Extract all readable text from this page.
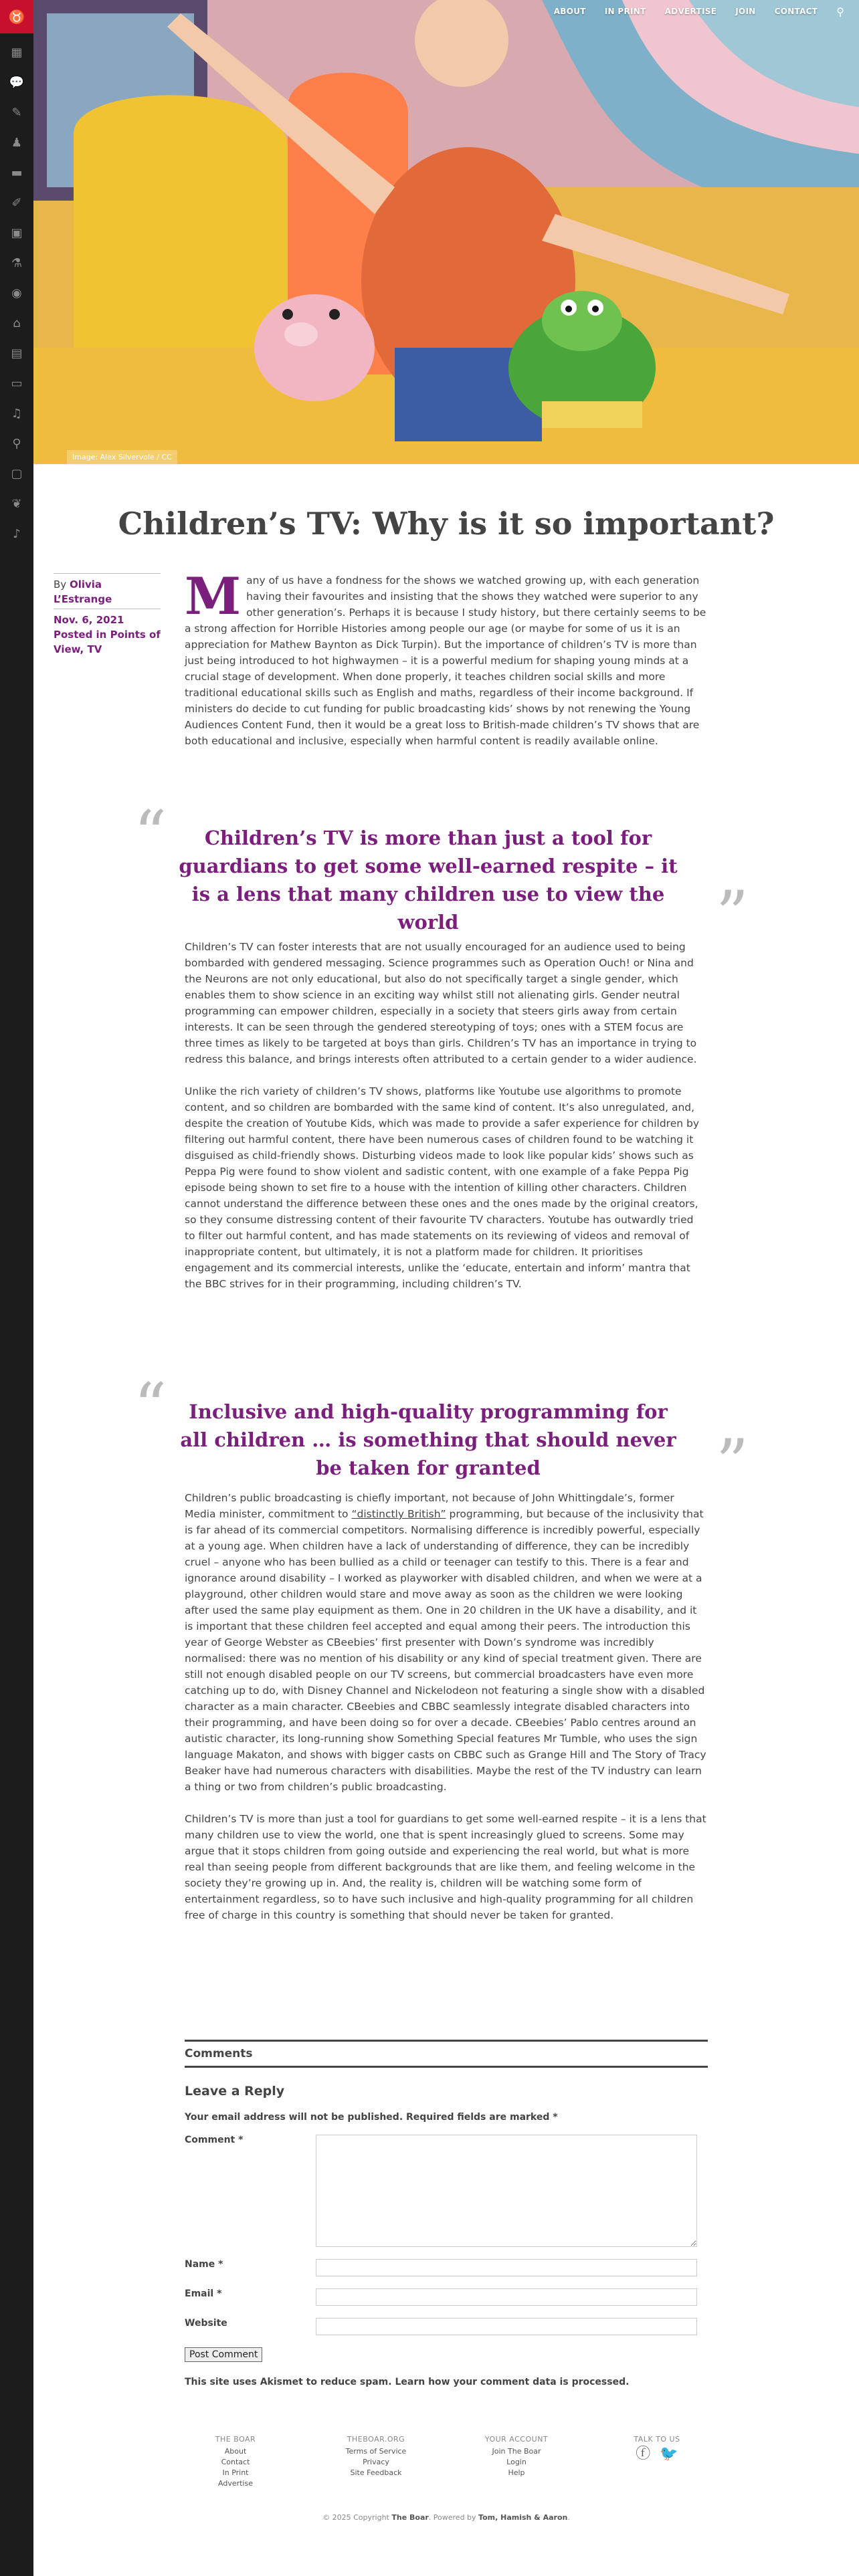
♉
▦
💬
✎
♟
▬
✐
▣
⚗
◉
⌂
▤
▭
♫
⚲
▢
❦
♪
ABOUT	IN PRINT	ADVERTISE	JOIN	CONTACT	⚲
Image: Alex Silvervole / CC
Children’s TV: Why is it so important?
By Olivia L’Estrange
Nov. 6, 2021
Posted in Points of View, TV
M any of us have a fondness for the shows we watched growing up, with each generation having their favourites and insisting that the shows they watched were superior to any other generation’s. Perhaps it is because I study history, but there certainly seems to be a strong affection for Horrible Histories among people our age (or maybe for some of us it is an appreciation for Mathew Baynton as Dick Turpin). But the importance of children’s TV is more than just being introduced to hot highwaymen – it is a powerful medium for shaping young minds at a crucial stage of development. When done properly, it teaches children social skills and more traditional educational skills such as English and maths, regardless of their income background. If ministers do decide to cut funding for public broadcasting kids’ shows by not renewing the Young Audiences Content Fund, then it would be a great loss to British-made children’s TV shows that are both educational and inclusive, especially when harmful content is readily available online.
“	Children’s TV is more than just a tool for guardians to get some well-earned respite – it is a lens that many children use to view the world	”

Children’s TV can foster interests that are not usually encouraged for an audience used to being bombarded with gendered messaging. Science programmes such as Operation Ouch! or Nina and the Neurons are not only educational, but also do not specifically target a single gender, which enables them to show science in an exciting way whilst still not alienating girls. Gender neutral programming can empower children, especially in a society that steers girls away from certain interests. It can be seen through the gendered stereotyping of toys; ones with a STEM focus are three times as likely to be targeted at boys than girls. Children’s TV has an importance in trying to redress this balance, and brings interests often attributed to a certain gender to a wider audience.

Unlike the rich variety of children’s TV shows, platforms like Youtube use algorithms to promote content, and so children are bombarded with the same kind of content. It’s also unregulated, and, despite the creation of Youtube Kids, which was made to provide a safer experience for children by filtering out harmful content, there have been numerous cases of children found to be watching it disguised as child-friendly shows. Disturbing videos made to look like popular kids’ shows such as Peppa Pig were found to show violent and sadistic content, with one example of a fake Peppa Pig episode being shown to set fire to a house with the intention of killing other characters. Children cannot understand the difference between these ones and the ones made by the original creators, so they consume distressing content of their favourite TV characters. Youtube has outwardly tried to filter out harmful content, and has made statements on its reviewing of videos and removal of inappropriate content, but ultimately, it is not a platform made for children. It prioritises engagement and its commercial interests, unlike the ‘educate, entertain and inform’ mantra that the BBC strives for in their programming, including children’s TV.

“	Inclusive and high-quality programming for all children … is something that should never be taken for granted	”

Children’s public broadcasting is chiefly important, not because of John Whittingdale’s, former Media minister, commitment to “distinctly British” programming, but because of the inclusivity that is far ahead of its commercial competitors. Normalising difference is incredibly powerful, especially at a young age. When children have a lack of understanding of difference, they can be incredibly cruel – anyone who has been bullied as a child or teenager can testify to this. There is a fear and ignorance around disability – I worked as playworker with disabled children, and when we were at a playground, other children would stare and move away as soon as the children we were looking after used the same play equipment as them. One in 20 children in the UK have a disability, and it is important that these children feel accepted and equal among their peers. The introduction this year of George Webster as CBeebies’ first presenter with Down’s syndrome was incredibly normalised: there was no mention of his disability or any kind of special treatment given. There are still not enough disabled people on our TV screens, but commercial broadcasters have even more catching up to do, with Disney Channel and Nickelodeon not featuring a single show with a disabled character as a main character. CBeebies and CBBC seamlessly integrate disabled characters into their programming, and have been doing so for over a decade. CBeebies’ Pablo centres around an autistic character, its long-running show Something Special features Mr Tumble, who uses the sign language Makaton, and shows with bigger casts on CBBC such as Grange Hill and The Story of Tracy Beaker have had numerous characters with disabilities. Maybe the rest of the TV industry can learn a thing or two from children’s public broadcasting.

Children’s TV is more than just a tool for guardians to get some well-earned respite – it is a lens that many children use to view the world, one that is spent increasingly glued to screens. Some may argue that it stops children from going outside and experiencing the real world, but what is more real than seeing people from different backgrounds that are like them, and feeling welcome in the society they’re growing up in. And, the reality is, children will be watching some form of entertainment regardless, so to have such inclusive and high-quality programming for all children free of charge in this country is something that should never be taken for granted.

Comments
Leave a Reply
Your email address will not be published. Required fields are marked *
Comment *
Name *
Email *
Website
Post Comment
This site uses Akismet to reduce spam. Learn how your comment data is processed.
THE BOAR
About
Contact
In Print
Advertise
THEBOAR.ORG
Terms of Service
Privacy
Site Feedback
YOUR ACCOUNT
Join The Boar
Login
Help
TALK TO US
ⓕ 🐦
© 2025 Copyright The Boar. Powered by Tom, Hamish & Aaron.
